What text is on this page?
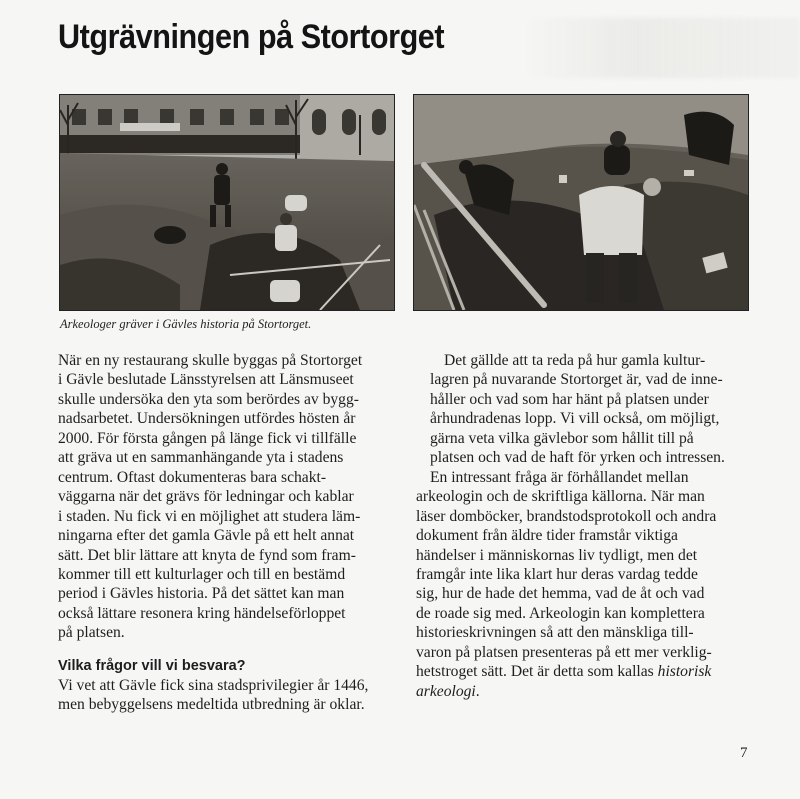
Utgrävningen på Stortorget

Arkeologer gräver i Gävles historia på Stortorget.

När en ny restaurang skulle byggas på Stortorget
i Gävle beslutade Länsstyrelsen att Länsmuseet
skulle undersöka den yta som berördes av bygg-
nadsarbetet. Undersökningen utfördes hösten år
2000. För första gången på länge fick vi tillfälle
att gräva ut en sammanhängande yta i stadens
centrum. Oftast dokumenteras bara schakt-
väggarna när det grävs för ledningar och kablar
i staden. Nu fick vi en möjlighet att studera läm-
ningarna efter det gamla Gävle på ett helt annat
sätt. Det blir lättare att knyta de fynd som fram-
kommer till ett kulturlager och till en bestämd
period i Gävles historia. På det sättet kan man
också lättare resonera kring händelseförloppet
på platsen.

Vilka frågor vill vi besvara?

Vi vet att Gävle fick sina stadsprivilegier år 1446,
men bebyggelsens medeltida utbredning är oklar.

Det gällde att ta reda på hur gamla kultur-
lagren på nuvarande Stortorget är, vad de inne-
håller och vad som har hänt på platsen under
århundradenas lopp. Vi vill också, om möjligt,
gärna veta vilka gävlebor som hållit till på
platsen och vad de haft för yrken och intressen.

En intressant fråga är förhållandet mellan
arkeologin och de skriftliga källorna. När man
läser domböcker, brandstodsprotokoll och andra
dokument från äldre tider framstår viktiga
händelser i människornas liv tydligt, men det
framgår inte lika klart hur deras vardag tedde
sig, hur de hade det hemma, vad de åt och vad
de roade sig med. Arkeologin kan komplettera
historieskrivningen så att den mänskliga till-
varon på platsen presenteras på ett mer verklig-
hetstroget sätt. Det är detta som kallas historisk
arkeologi.

7
